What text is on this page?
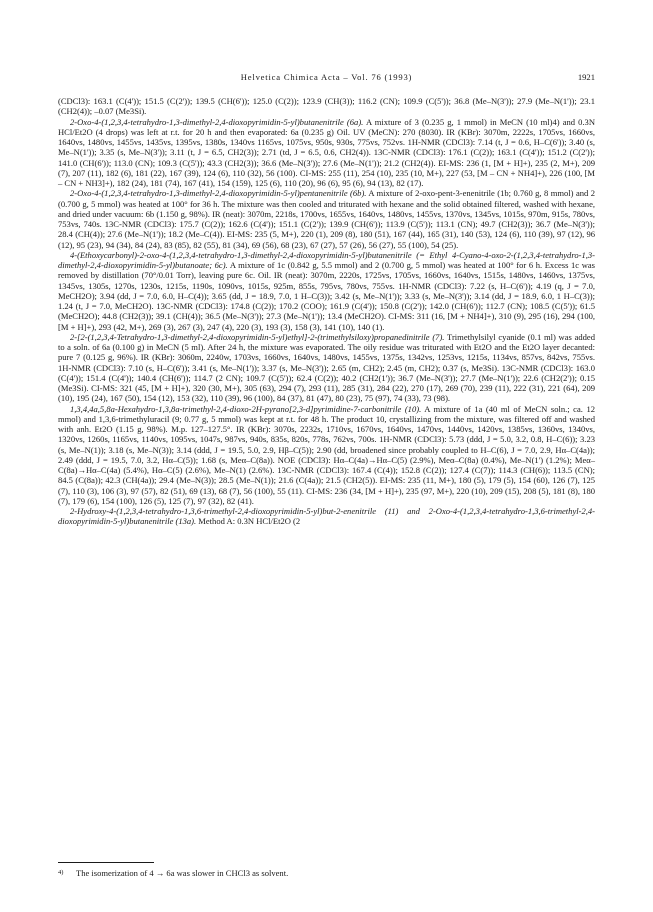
Helvetica Chimica Acta – Vol. 76 (1993)	1921

(CDCl3): 163.1 (C(4')); 151.5 (C(2')); 139.5 (CH(6')); 125.0 (C(2)); 123.9 (CH(3)); 116.2 (CN); 109.9 (C(5')); 36.8 (Me–N(3')); 27.9 (Me–N(1')); 23.1 (CH2(4)); –0.07 (Me3Si).

2-Oxo-4-(1,2,3,4-tetrahydro-1,3-dimethyl-2,4-dioxopyrimidin-5-yl)butanenitrile (6a). A mixture of 3 (0.235 g, 1 mmol) in MeCN (10 ml)4) and 0.3N HCl/Et2O (4 drops) was left at r.t. for 20 h and then evaporated: 6a (0.235 g) Oil. UV (MeCN): 270 (8030). IR (KBr): 3070m, 2222s, 1705vs, 1660vs, 1640vs, 1480vs, 1455vs, 1435vs, 1395vs, 1380s, 1340vs 1165vs, 1075vs, 950s, 930s, 775vs, 752vs. 1H-NMR (CDCl3): 7.14 (t, J = 0.6, H–C(6')); 3.40 (s, Me–N(1')); 3.35 (s, Me–N(3')); 3.11 (t, J = 6.5, CH2(3)); 2.71 (td, J = 6.5, 0.6, CH2(4)). 13C-NMR (CDCl3): 176.1 (C(2)); 163.1 (C(4')); 151.2 (C(2')); 141.0 (CH(6')); 113.0 (CN); 109.3 (C(5')); 43.3 (CH2(3)); 36.6 (Me–N(3')); 27.6 (Me–N(1')); 21.2 (CH2(4)). EI-MS: 236 (1, [M + H]+), 235 (2, M+), 209 (7), 207 (11), 182 (6), 181 (22), 167 (39), 124 (6), 110 (32), 56 (100). CI-MS: 255 (11), 254 (10), 235 (10, M+), 227 (53, [M – CN + NH4]+), 226 (100, [M – CN + NH3]+), 182 (24), 181 (74), 167 (41), 154 (159), 125 (6), 110 (20), 96 (6), 95 (6), 94 (13), 82 (17).

2-Oxo-4-(1,2,3,4-tetrahydro-1,3-dimethyl-2,4-dioxopyrimidin-5-yl)pentanenitrile (6b). A mixture of 2-oxo-pent-3-enenitrile (1b; 0.760 g, 8 mmol) and 2 (0.700 g, 5 mmol) was heated at 100° for 36 h. The mixture was then cooled and triturated with hexane and the solid obtained filtered, washed with hexane, and dried under vacuum: 6b (1.150 g, 98%). IR (neat): 3070m, 2218s, 1700vs, 1655vs, 1640vs, 1480vs, 1455vs, 1370vs, 1345vs, 1015s, 970m, 915s, 780vs, 753vs, 740s. 13C-NMR (CDCl3): 175.7 (C(2)); 162.6 (C(4')); 151.1 (C(2')); 139.9 (CH(6')); 113.9 (C(5')); 113.1 (CN); 49.7 (CH2(3)); 36.7 (Me–N(3')); 28.4 (CH(4)); 27.6 (Me–N(1')); 18.2 (Me–C(4)). EI-MS: 235 (5, M+), 220 (1), 209 (8), 180 (51), 167 (44), 165 (31), 140 (53), 124 (6), 110 (39), 97 (12), 96 (12), 95 (23), 94 (34), 84 (24), 83 (85), 82 (55), 81 (34), 69 (56), 68 (23), 67 (27), 57 (26), 56 (27), 55 (100), 54 (25).

4-(Ethoxycarbonyl)-2-oxo-4-(1,2,3,4-tetrahydro-1,3-dimethyl-2,4-dioxopyrimidin-5-yl)butanenitrile (= Ethyl 4-Cyano-4-oxo-2-(1,2,3,4-tetrahydro-1,3-dimethyl-2,4-dioxopyrimidin-5-yl)butanoate; 6c). A mixture of 1c (0.842 g, 5.5 mmol) and 2 (0.700 g, 5 mmol) was heated at 100° for 6 h. Excess 1c was removed by distillation (70°/0.01 Torr), leaving pure 6c. Oil. IR (neat): 3070m, 2220s, 1725vs, 1705vs, 1660vs, 1640vs, 1515s, 1480vs, 1460vs, 1375vs, 1345vs, 1305s, 1270s, 1230s, 1215s, 1190s, 1090vs, 1015s, 925m, 855s, 795vs, 780vs, 755vs. 1H-NMR (CDCl3): 7.22 (s, H–C(6')); 4.19 (q, J = 7.0, MeCH2O); 3.94 (dd, J = 7.0, 6.0, H–C(4)); 3.65 (dd, J = 18.9, 7.0, 1 H–C(3)); 3.42 (s, Me–N(1')); 3.33 (s, Me–N(3')); 3.14 (dd, J = 18.9, 6.0, 1 H–C(3)); 1.24 (t, J = 7.0, MeCH2O). 13C-NMR (CDCl3): 174.8 (C(2)); 170.2 (COO); 161.9 (C(4')); 150.8 (C(2')); 142.0 (CH(6')); 112.7 (CN); 108.5 (C(5')); 61.5 (MeCH2O); 44.8 (CH2(3)); 39.1 (CH(4)); 36.5 (Me–N(3')); 27.3 (Me–N(1')); 13.4 (MeCH2O). CI-MS: 311 (16, [M + NH4]+), 310 (9), 295 (16), 294 (100, [M + H]+), 293 (42, M+), 269 (3), 267 (3), 247 (4), 220 (3), 193 (3), 158 (3), 141 (10), 140 (1).

2-[2-(1,2,3,4-Tetrahydro-1,3-dimethyl-2,4-dioxopyrimidin-5-yl)ethyl]-2-(trimethylsiloxy)propanedinitrile (7). Trimethylsilyl cyanide (0.1 ml) was added to a soln. of 6a (0.100 g) in MeCN (5 ml). After 24 h, the mixture was evaporated. The oily residue was triturated with Et2O and the Et2O layer decanted: pure 7 (0.125 g, 96%). IR (KBr): 3060m, 2240w, 1703vs, 1660vs, 1640vs, 1480vs, 1455vs, 1375s, 1342vs, 1253vs, 1215s, 1134vs, 857vs, 842vs, 755vs. 1H-NMR (CDCl3): 7.10 (s, H–C(6')); 3.41 (s, Me–N(1')); 3.37 (s, Me–N(3')); 2.65 (m, CH2); 2.45 (m, CH2); 0.37 (s, Me3Si). 13C-NMR (CDCl3): 163.0 (C(4')); 151.4 (C(4')); 140.4 (CH(6')); 114.7 (2 CN); 109.7 (C(5')); 62.4 (C(2)); 40.2 (CH2(1')); 36.7 (Me–N(3')); 27.7 (Me–N(1')); 22.6 (CH2(2')); 0.15 (Me3Si). CI-MS: 321 (45, [M + H]+), 320 (30, M+), 305 (63), 294 (7), 293 (11), 285 (31), 284 (22), 270 (17), 269 (70), 239 (11), 222 (31), 221 (64), 209 (10), 195 (24), 167 (50), 154 (12), 153 (32), 110 (39), 96 (100), 84 (37), 81 (47), 80 (23), 75 (97), 74 (33), 73 (98).

1,3,4,4a,5,8a-Hexahydro-1,3,8a-trimethyl-2,4-dioxo-2H-pyrano[2,3-d]pyrimidine-7-carbonitrile (10). A mixture of 1a (40 ml of MeCN soln.; ca. 12 mmol) and 1,3,6-trimethyluracil (9; 0.77 g, 5 mmol) was kept at r.t. for 48 h. The product 10, crystallizing from the mixture, was filtered off and washed with anh. Et2O (1.15 g, 98%). M.p. 127–127.5°. IR (KBr): 3070s, 2232s, 1710vs, 1670vs, 1640vs, 1470vs, 1440vs, 1420vs, 1385vs, 1360vs, 1340vs, 1320vs, 1260s, 1165vs, 1140vs, 1095vs, 1047s, 987vs, 940s, 835s, 820s, 778s, 762vs, 700s. 1H-NMR (CDCl3): 5.73 (ddd, J = 5.0, 3.2, 0.8, H–C(6)); 3.23 (s, Me–N(1)); 3.18 (s, Me–N(3)); 3.14 (ddd, J = 19.5, 5.0, 2.9, Hβ–C(5)); 2.90 (dd, broadened since probably coupled to H–C(6), J = 7.0, 2.9, Hα–C(4a)); 2.49 (ddd, J = 19.5, 7.0, 3.2, Hα–C(5)); 1.68 (s, Meα–C(8a)). NOE (CDCl3): Hα–C(4a)→Hα–C(5) (2.9%), Meα–C(8a) (0.4%), Me–N(1') (1.2%); Meα–C(8a)→Hα–C(4a) (5.4%), Hα–C(5) (2.6%), Me–N(1) (2.6%). 13C-NMR (CDCl3): 167.4 (C(4)); 152.8 (C(2)); 127.4 (C(7)); 114.3 (CH(6)); 113.5 (CN); 84.5 (C(8a)); 42.3 (CH(4a)); 29.4 (Me–N(3)); 28.5 (Me–N(1)); 21.6 (C(4a)); 21.5 (CH2(5)). EI-MS: 235 (11, M+), 180 (5), 179 (5), 154 (60), 126 (7), 125 (7), 110 (3), 106 (3), 97 (57), 82 (51), 69 (13), 68 (7), 56 (100), 55 (11). CI-MS: 236 (34, [M + H]+), 235 (97, M+), 220 (10), 209 (15), 208 (5), 181 (8), 180 (7), 179 (6), 154 (100), 126 (5), 125 (7), 97 (32), 82 (41).

2-Hydroxy-4-(1,2,3,4-tetrahydro-1,3,6-trimethyl-2,4-dioxopyrimidin-5-yl)but-2-enenitrile (11) and 2-Oxo-4-(1,2,3,4-tetrahydro-1,3,6-trimethyl-2,4-dioxopyrimidin-5-yl)butanenitrile (13a). Method A: 0.3N HCl/Et2O (2

4) The isomerization of 4 → 6a was slower in CHCl3 as solvent.
